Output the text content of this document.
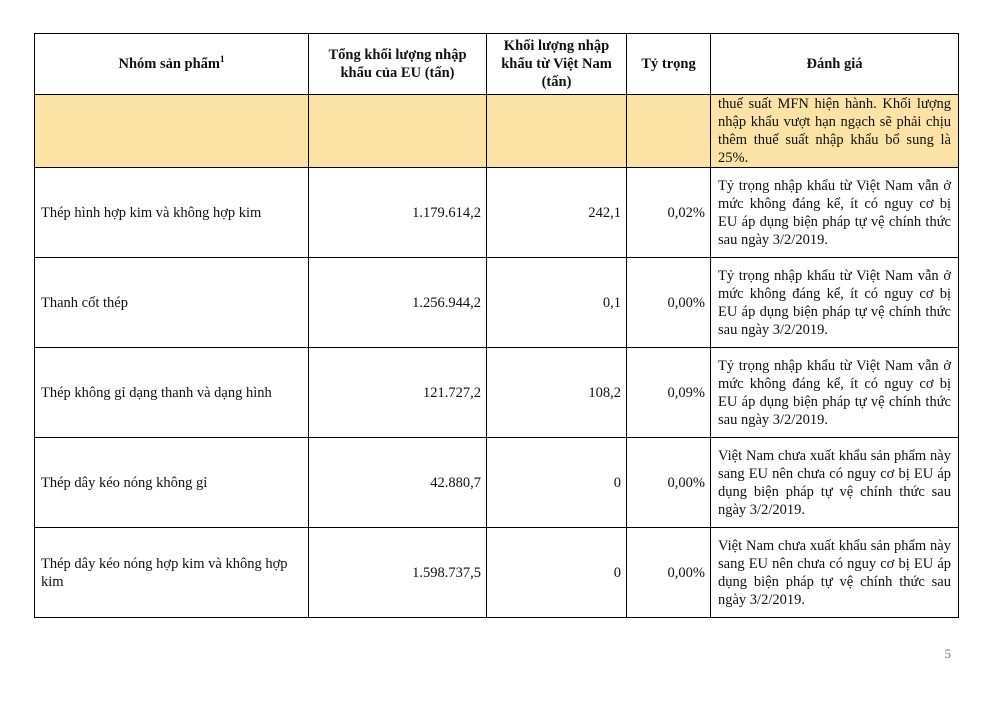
Nhóm sản phẩm$^1$	Tổng khối lượng nhập khẩu của EU (tấn)	Khối lượng nhập khẩu từ Việt Nam (tấn)	Tỷ trọng	Đánh giá
				thuế suất MFN hiện hành. Khối lượng nhập khẩu vượt hạn ngạch sẽ phải chịu thêm thuế suất nhập khẩu bổ sung là 25%.
Thép hình hợp kim và không hợp kim	1.179.614,2	242,1	0,02%	Tỷ trọng nhập khẩu từ Việt Nam vẫn ở mức không đáng kể, ít có nguy cơ bị EU áp dụng biện pháp tự vệ chính thức sau ngày 3/2/2019.
Thanh cốt thép	1.256.944,2	0,1	0,00%	Tỷ trọng nhập khẩu từ Việt Nam vẫn ở mức không đáng kể, ít có nguy cơ bị EU áp dụng biện pháp tự vệ chính thức sau ngày 3/2/2019.
Thép không gỉ dạng thanh và dạng hình	121.727,2	108,2	0,09%	Tỷ trọng nhập khẩu từ Việt Nam vẫn ở mức không đáng kể, ít có nguy cơ bị EU áp dụng biện pháp tự vệ chính thức sau ngày 3/2/2019.
Thép dây kéo nóng không gỉ	42.880,7	0	0,00%	Việt Nam chưa xuất khẩu sản phẩm này sang EU nên chưa có nguy cơ bị EU áp dụng biện pháp tự vệ chính thức sau ngày 3/2/2019.
Thép dây kéo nóng hợp kim và không hợp kim	1.598.737,5	0	0,00%	Việt Nam chưa xuất khẩu sản phẩm này sang EU nên chưa có nguy cơ bị EU áp dụng biện pháp tự vệ chính thức sau ngày 3/2/2019.
5
